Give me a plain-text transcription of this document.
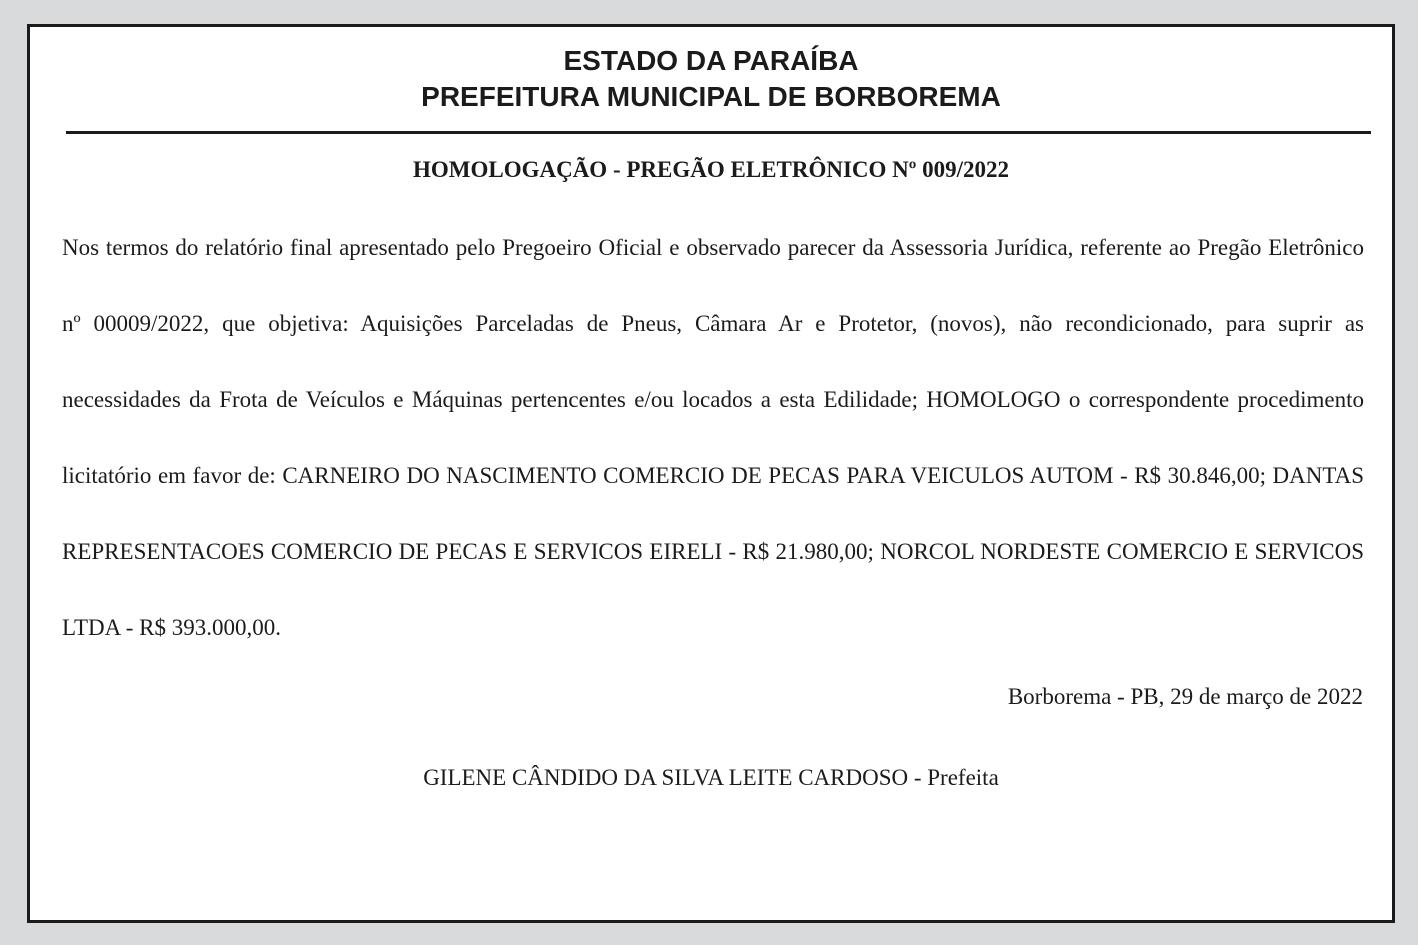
ESTADO DA PARAÍBA
PREFEITURA MUNICIPAL DE BORBOREMA
HOMOLOGAÇÃO - PREGÃO ELETRÔNICO Nº 009/2022

Nos termos do relatório final apresentado pelo Pregoeiro Oficial e observado parecer da Assessoria Jurídica, referente ao Pregão Eletrônico nº 00009/2022, que objetiva: Aquisições Parceladas de Pneus, Câmara Ar e Protetor, (novos), não recondicionado, para suprir as necessidades da Frota de Veículos e Máquinas pertencentes e/ou locados a esta Edilidade; HOMOLOGO o correspondente procedimento licitatório em favor de: CARNEIRO DO NASCIMENTO COMERCIO DE PECAS PARA VEICULOS AUTOM - R$ 30.846,00; DANTAS REPRESENTACOES COMERCIO DE PECAS E SERVICOS EIRELI - R$ 21.980,00; NORCOL NORDESTE COMERCIO E SERVICOS LTDA - R$ 393.000,00.

Borborema - PB, 29 de março de 2022

GILENE CÂNDIDO DA SILVA LEITE CARDOSO - Prefeita
